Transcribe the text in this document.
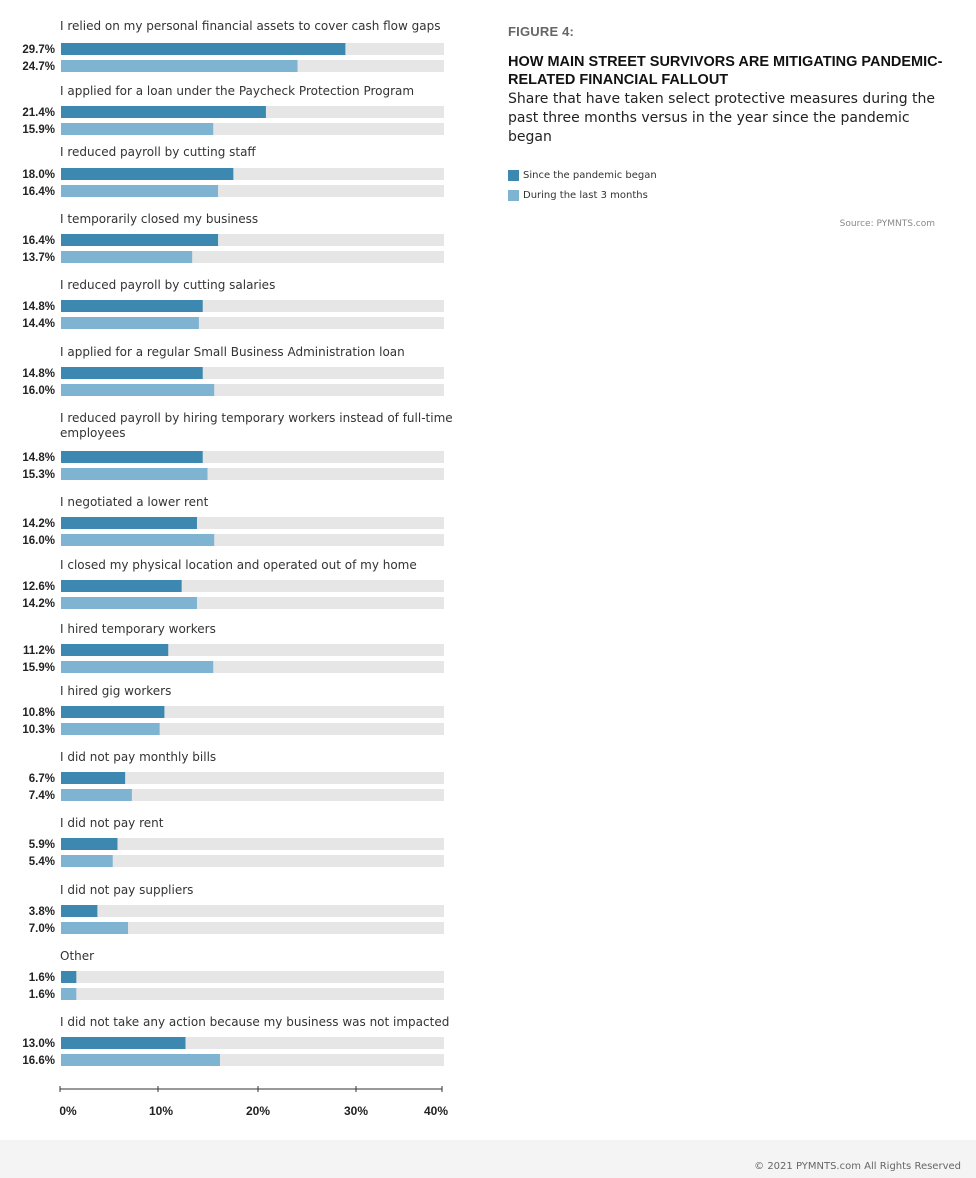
I relied on my personal financial assets to cover cash flow gaps
29.7%
24.7%
I applied for a loan under the Paycheck Protection Program
21.4%
15.9%
I reduced payroll by cutting staff
18.0%
16.4%
I temporarily closed my business
16.4%
13.7%
I reduced payroll by cutting salaries
14.8%
14.4%
I applied for a regular Small Business Administration loan
14.8%
16.0%
I reduced payroll by hiring temporary workers instead of full-time
employees
14.8%
15.3%
I negotiated a lower rent
14.2%
16.0%
I closed my physical location and operated out of my home
12.6%
14.2%
I hired temporary workers
11.2%
15.9%
I hired gig workers
10.8%
10.3%
I did not pay monthly bills
6.7%
7.4%
I did not pay rent
5.9%
5.4%
I did not pay suppliers
3.8%
7.0%
Other
1.6%
1.6%
I did not take any action because my business was not impacted
13.0%
16.6%
0%	10%	20%	30%	40%
FIGURE 4:
HOW MAIN STREET SURVIVORS ARE MITIGATING PANDEMIC-RELATED FINANCIAL FALLOUT
Share that have taken select protective measures during the past three months versus in the year since the pandemic began
Since the pandemic began
During the last 3 months
Source: PYMNTS.com
© 2021 PYMNTS.com All Rights Reserved
